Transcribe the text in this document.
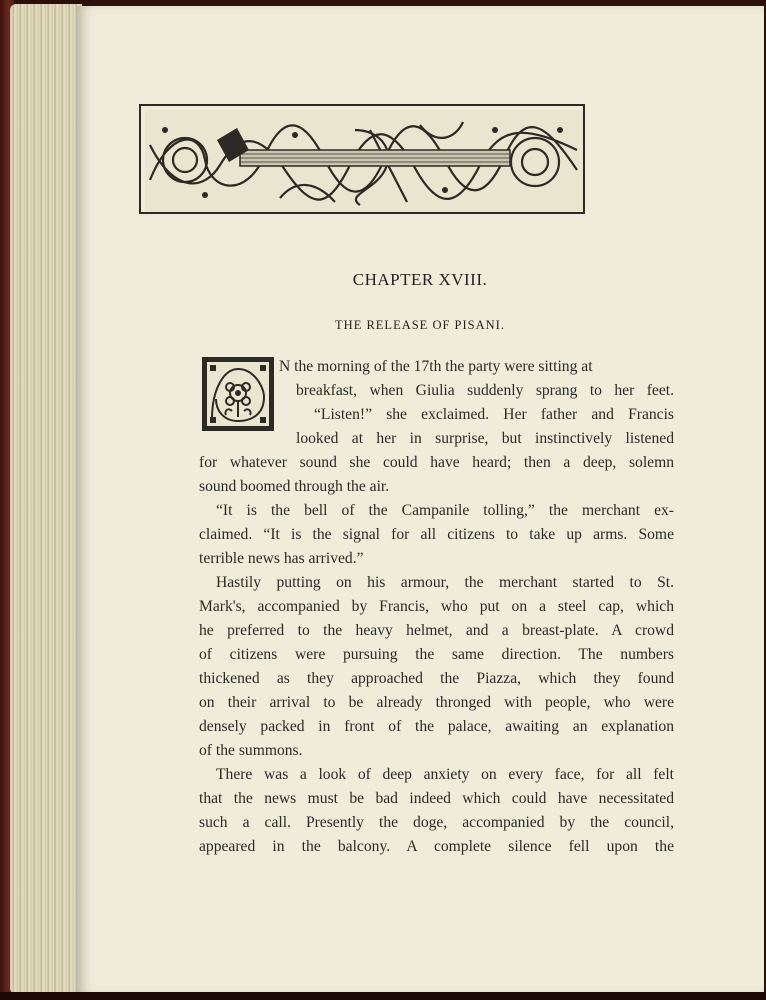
CHAPTER XVIII.
THE RELEASE OF PISANI.
N the morning of the 17th the party were sitting at
breakfast, when Giulia suddenly sprang to her feet.
“Listen!” she exclaimed. Her father and Francis
looked at her in surprise, but instinctively listened
for whatever sound she could have heard; then a deep, solemn
sound boomed through the air.
“It is the bell of the Campanile tolling,” the merchant ex-
claimed. “It is the signal for all citizens to take up arms. Some
terrible news has arrived.”
Hastily putting on his armour, the merchant started to St.
Mark's, accompanied by Francis, who put on a steel cap, which
he preferred to the heavy helmet, and a breast-plate. A crowd
of citizens were pursuing the same direction. The numbers
thickened as they approached the Piazza, which they found
on their arrival to be already thronged with people, who were
densely packed in front of the palace, awaiting an explanation
of the summons.
There was a look of deep anxiety on every face, for all felt
that the news must be bad indeed which could have necessitated
such a call. Presently the doge, accompanied by the council,
appeared in the balcony. A complete silence fell upon the
